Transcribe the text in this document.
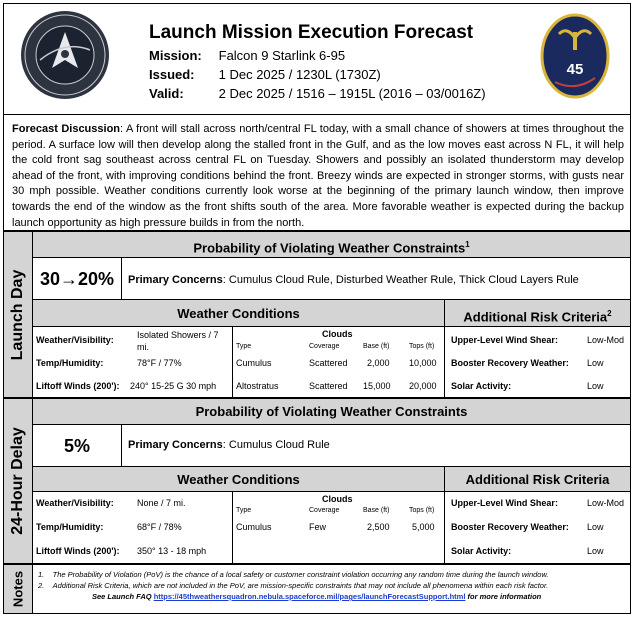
Launch Mission Execution Forecast
Mission: Falcon 9 Starlink 6-95
Issued: 1 Dec 2025 / 1230L (1730Z)
Valid:	2 Dec 2025 / 1516 – 1915L (2016 – 03/0016Z)
45
Forecast Discussion: A front will stall across north/central FL today, with a small chance of showers at times throughout the period. A surface low will then develop along the stalled front in the Gulf, and as the low moves east across N FL, it will help the cold front sag southeast across central FL on Tuesday. Showers and possibly an isolated thunderstorm may develop ahead of the front, with improving conditions behind the front. Breezy winds are expected in stronger storms, with gusts near 30 mph possible. Weather conditions currently look worse at the beginning of the primary launch window, then improve towards the end of the window as the front shifts south of the area. More favorable weather is expected during the backup launch opportunity as high pressure builds in from the north.
Launch Day
Probability of Violating Weather Constraints$^1$
30→20%	Primary Concerns: Cumulus Cloud Rule, Disturbed Weather Rule, Thick Cloud Layers Rule
Weather Conditions	Additional Risk Criteria$^2$
Weather/Visibility:	Isolated Showers / 7
mi.
Temp/Humidity:	78°F / 77%
Liftoff Winds (200'): 240° 15-25 G 30 mph
Clouds
Type	Coverage	Base (ft)	Tops (ft)
Cumulus	Scattered 2,000 10,000
Altostratus	Scattered 15,000 20,000
Upper-Level Wind Shear:	Low-Mod
Booster Recovery Weather: Low
Solar Activity:	Low
24-Hour Delay
Probability of Violating Weather Constraints
5%	Primary Concerns: Cumulus Cloud Rule
Weather Conditions	Additional Risk Criteria
Weather/Visibility:	None / 7 mi.
Temp/Humidity:	68°F / 78%
Liftoff Winds (200'): 350° 13 - 18 mph
Clouds
Type	Coverage	Base (ft)	Tops (ft)
Cumulus	Few	2,500 5,000
Upper-Level Wind Shear:	Low-Mod
Booster Recovery Weather: Low
Solar Activity:	Low
Notes 1. The Probability of Violation (PoV) is the chance of a local safety or customer constraint violation occurring any random time during the launch window.
2. Additional Risk Criteria, which are not included in the PoV, are mission-specific constraints that may not include all phenomena within each risk factor.
See Launch FAQ https://45thweathersquadron.nebula.spaceforce.mil/pages/launchForecastSupport.html for more information
